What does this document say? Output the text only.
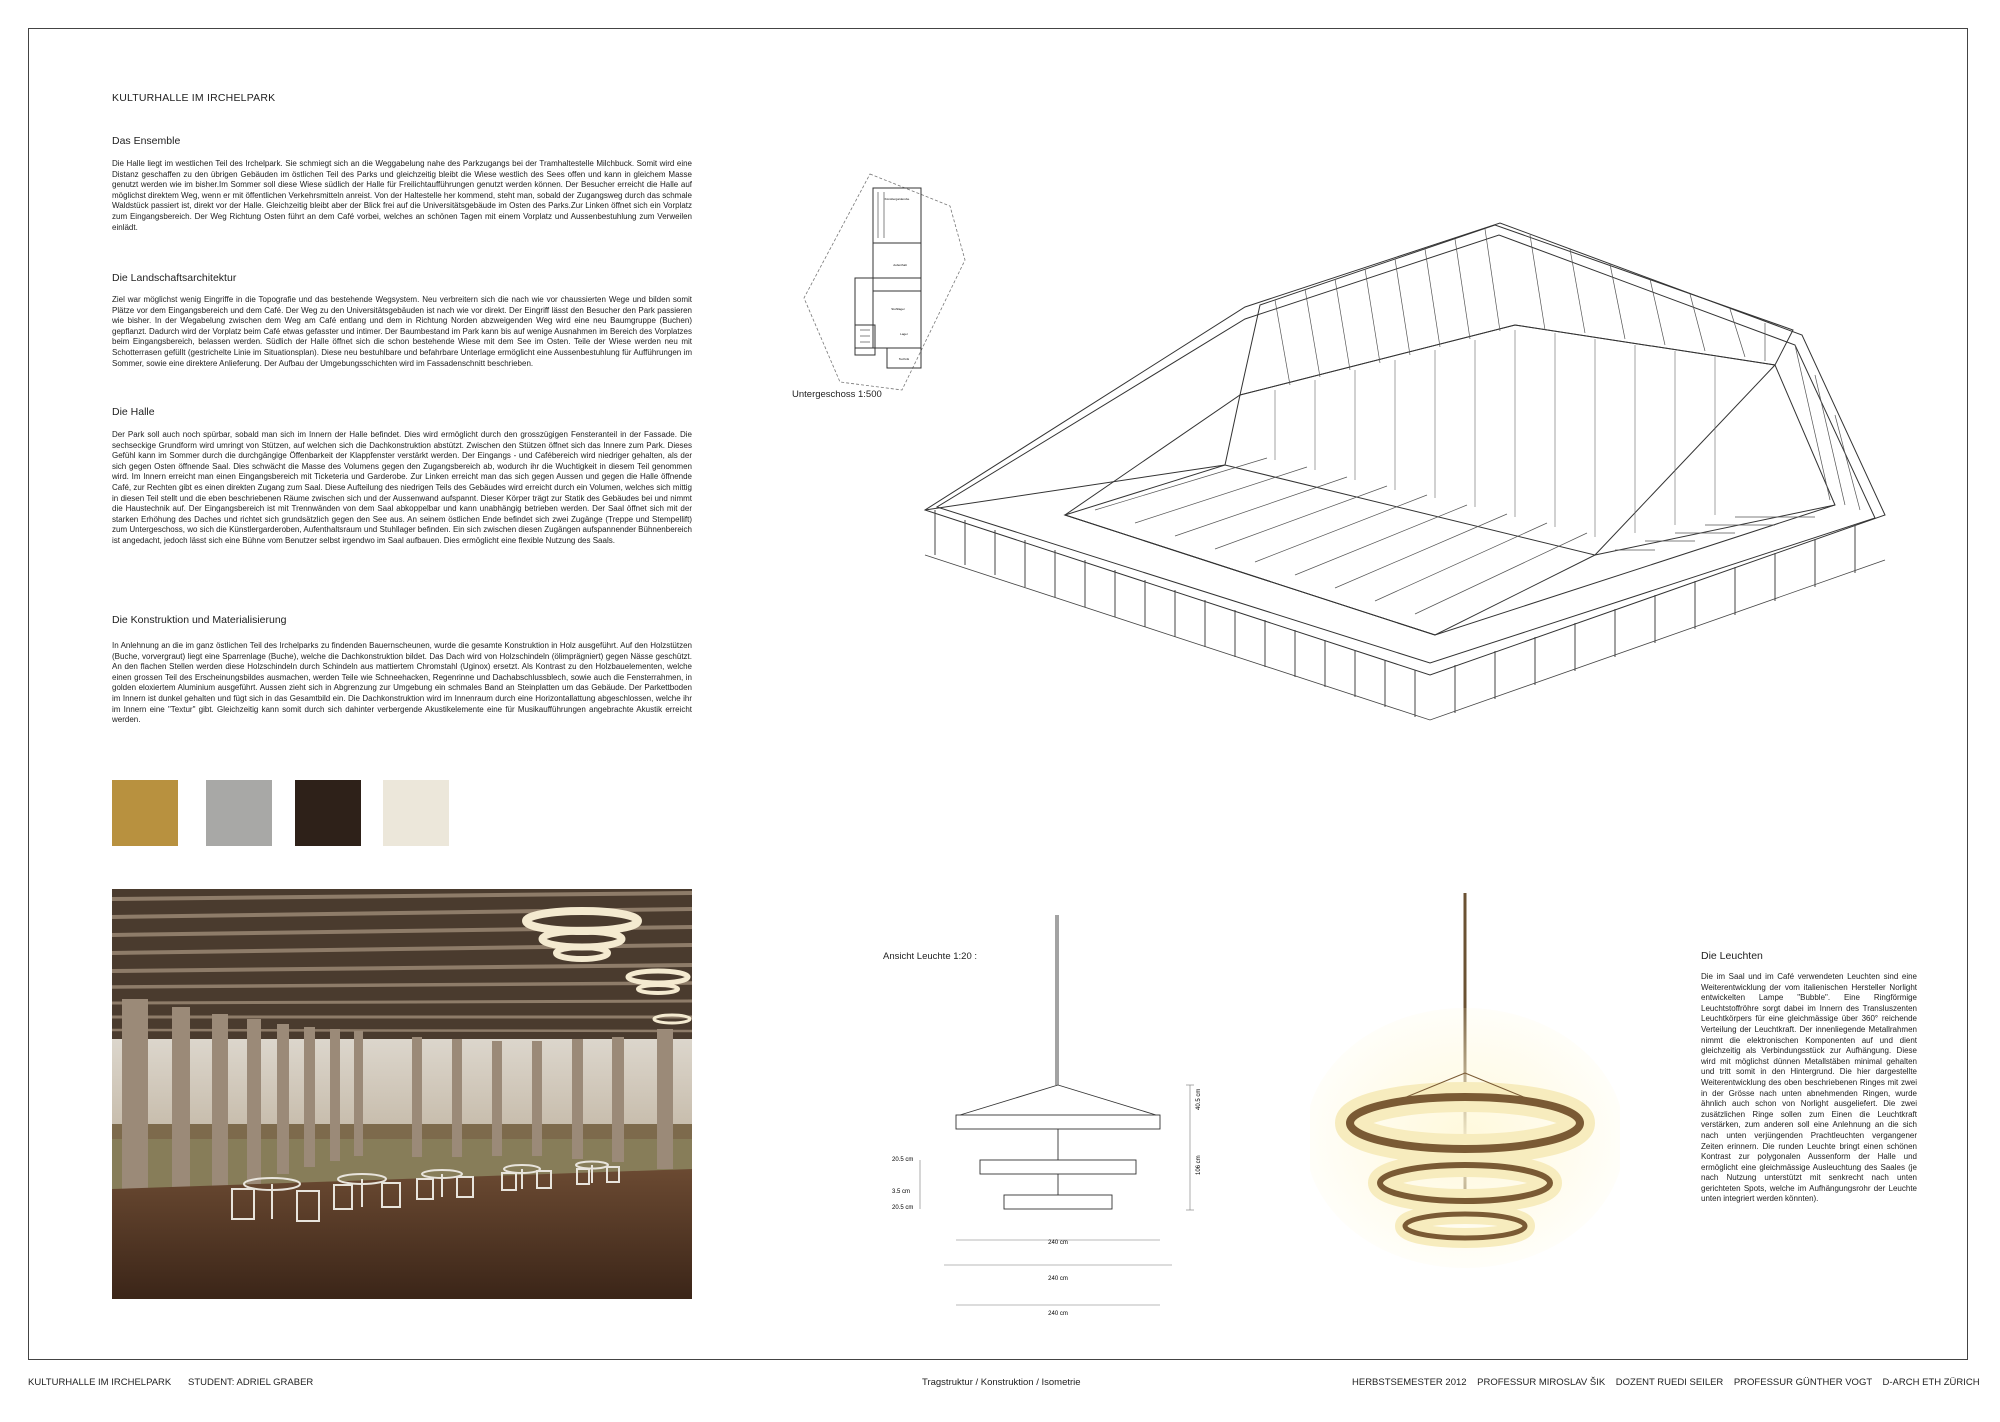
KULTURHALLE IM IRCHELPARK
Das Ensemble
Die Halle liegt im westlichen Teil des Irchelpark. Sie schmiegt sich an die Weggabelung nahe des Parkzugangs bei der Tramhaltestelle Milchbuck. Somit wird eine Distanz geschaffen zu den übrigen Gebäuden im östlichen Teil des Parks und gleichzeitig bleibt die Wiese westlich des Sees offen und kann in gleichem Masse genutzt werden wie im bisher.Im Sommer soll diese Wiese südlich der Halle für Freilichtaufführungen genutzt werden können. Der Besucher erreicht die Halle auf möglichst direktem Weg, wenn er mit öffentlichen Verkehrsmitteln anreist. Von der Haltestelle her kommend, steht man, sobald der Zugangsweg durch das schmale Waldstück passiert ist, direkt vor der Halle. Gleichzeitig bleibt aber der Blick frei auf die Universitätsgebäude im Osten des Parks.Zur Linken öffnet sich ein Vorplatz zum Eingangsbereich. Der Weg Richtung Osten führt an dem Café vorbei, welches an schönen Tagen mit einem Vorplatz und Aussenbestuhlung zum Verweilen einlädt.
Die Landschaftsarchitektur
Ziel war möglichst wenig Eingriffe in die Topografie und das bestehende Wegsystem. Neu verbreitern sich die nach wie vor chaussierten Wege und bilden somit Plätze vor dem Eingangsbereich und dem Café. Der Weg zu den Universitätsgebäuden ist nach wie vor direkt. Der Eingriff lässt den Besucher den Park passieren wie bisher. In der Wegabelung zwischen dem Weg am Café entlang und dem in Richtung Norden abzweigenden Weg wird eine neu Baumgruppe (Buchen) gepflanzt. Dadurch wird der Vorplatz beim Café etwas gefasster und intimer. Der Baumbestand im Park kann bis auf wenige Ausnahmen im Bereich des Vorplatzes beim Eingangsbereich, belassen werden. Südlich der Halle öffnet sich die schon bestehende Wiese mit dem See im Osten. Teile der Wiese werden neu mit Schotterrasen gefüllt (gestrichelte Linie im Situationsplan). Diese neu bestuhlbare und befahrbare Unterlage ermöglicht eine Aussenbestuhlung für Aufführungen im Sommer, sowie eine direktere Anlieferung. Der Aufbau der Umgebungsschichten wird im Fassadenschnitt beschrieben.
Die Halle
Der Park soll auch noch spürbar, sobald man sich im Innern der Halle befindet. Dies wird ermöglicht durch den grosszügigen Fensteranteil in der Fassade. Die sechseckige Grundform wird umringt von Stützen, auf welchen sich die Dachkonstruktion abstützt. Zwischen den Stützen öffnet sich das Innere zum Park. Dieses Gefühl kann im Sommer durch die durchgängige Öffenbarkeit der Klappfenster verstärkt werden. Der Eingangs - und Cafébereich wird niedriger gehalten, als der sich gegen Osten öffnende Saal. Dies schwächt die Masse des Volumens gegen den Zugangsbereich ab, wodurch ihr die Wuchtigkeit in diesem Teil genommen wird. Im Innern erreicht man einen Eingangsbereich mit Ticketeria und Garderobe. Zur Linken erreicht man das sich gegen Aussen und gegen die Halle öffnende Café, zur Rechten gibt es einen direkten Zugang zum Saal. Diese Aufteilung des niedrigen Teils des Gebäudes wird erreicht durch ein Volumen, welches sich mittig in diesen Teil stellt und die eben beschriebenen Räume zwischen sich und der Aussenwand aufspannt. Dieser Körper trägt zur Statik des Gebäudes bei und nimmt die Haustechnik auf. Der Eingangsbereich ist mit Trennwänden von dem Saal abkoppelbar und kann unabhängig betrieben werden. Der Saal öffnet sich mit der starken Erhöhung des Daches und richtet sich grundsätzlich gegen den See aus. An seinem östlichen Ende befindet sich zwei Zugänge (Treppe und Stempellift) zum Untergeschoss, wo sich die Künstlergarderoben, Aufenthaltsraum und Stuhllager befinden. Ein sich zwischen diesen Zugängen aufspannender Bühnenbereich ist angedacht, jedoch lässt sich eine Bühne vom Benutzer selbst irgendwo im Saal aufbauen. Dies ermöglicht eine flexible Nutzung des Saals.
Die Konstruktion und Materialisierung
In Anlehnung an die im ganz östlichen Teil des Irchelparks zu findenden Bauernscheunen, wurde die gesamte Konstruktion in Holz ausgeführt. Auf den Holzstützen (Buche, vorvergraut) liegt eine Sparrenlage (Buche), welche die Dachkonstruktion bildet. Das Dach wird von Holzschindeln (ölimprägniert) gegen Nässe geschützt. An den flachen Stellen werden diese Holzschindeln durch Schindeln aus mattiertem Chromstahl (Uginox) ersetzt. Als Kontrast zu den Holzbauelementen, welche einen grossen Teil des Erscheinungsbildes ausmachen, werden Teile wie Schneehacken, Regenrinne und Dachabschlussblech, sowie auch die Fensterrahmen, in golden eloxiertem Aluminium ausgeführt. Aussen zieht sich in Abgrenzung zur Umgebung ein schmales Band an Steinplatten um das Gebäude. Der Parkettboden im Innern ist dunkel gehalten und fügt sich in das Gesamtbild ein. Die Dachkonstruktion wird im Innenraum durch eine Horizontallattung abgeschlossen, welche ihr im Innern eine "Textur" gibt. Gleichzeitig kann somit durch sich dahinter verbergende Akustikelemente eine für Musikaufführungen angebrachte Akustik erreicht werden.
Künstlergarderobe
Aufenthalt
Stuhllager
Lager
Technik
Untergeschoss 1:500
Ansicht Leuchte 1:20 :
40.5 cm
106 cm
20.5 cm
3.5 cm
20.5 cm
240 cm
240 cm
240 cm
Die Leuchten
Die im Saal und im Café verwendeten Leuchten sind eine Weiterentwicklung der vom italienischen Hersteller Norlight entwickelten Lampe "Bubble". Eine Ringförmige Leuchtstoffröhre sorgt dabei im Innern des Transluszenten Leuchtkörpers für eine gleichmässige über 360° reichende Verteilung der Leuchtkraft. Der innenliegende Metallrahmen nimmt die elektronischen Komponenten auf und dient gleichzeitig als Verbindungsstück zur Aufhängung. Diese wird mit möglichst dünnen Metallstäben minimal gehalten und tritt somit in den Hintergrund. Die hier dargestellte Weiterentwicklung des oben beschriebenen Ringes mit zwei in der Grösse nach unten abnehmenden Ringen, wurde ähnlich auch schon von Norlight ausgeliefert. Die zwei zusätzlichen Ringe sollen zum Einen die Leuchtkraft verstärken, zum anderen soll eine Anlehnung an die sich nach unten verjüngenden Prachtleuchten vergangener Zeiten erinnern. Die runden Leuchte bringt einen schönen Kontrast zur polygonalen Aussenform der Halle und ermöglicht eine gleichmässige Ausleuchtung des Saales (je nach Nutzung unterstützt mit senkrecht nach unten gerichteten Spots, welche im Aufhängungsrohr der Leuchte unten integriert werden könnten).
KULTURHALLE IM IRCHELPARK STUDENT: ADRIEL GRABER	Tragstruktur / Konstruktion / Isometrie	HERBSTSEMESTER 2012    PROFESSUR MIROSLAV ŠIK    DOZENT RUEDI SEILER    PROFESSUR GÜNTHER VOGT    D-ARCH ETH ZÜRICH
